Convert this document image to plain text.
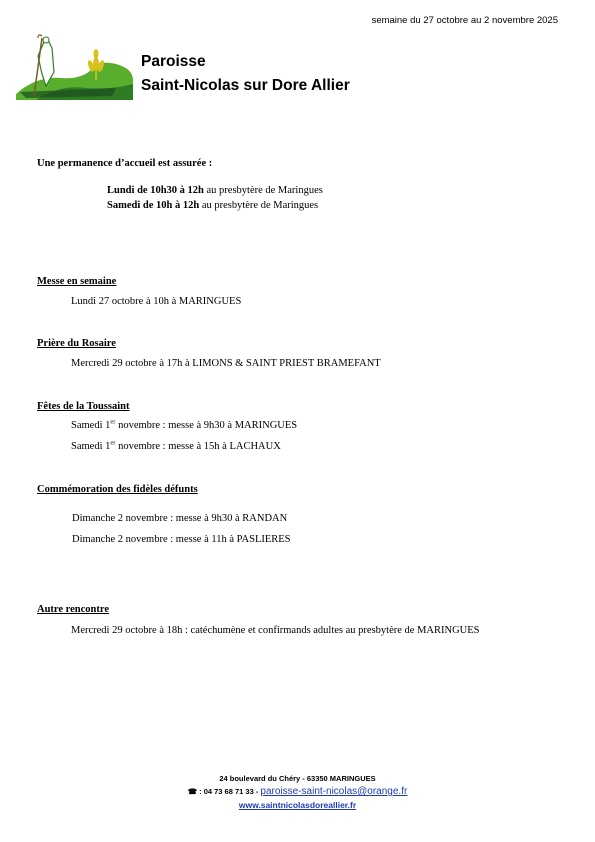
semaine du 27 octobre au 2 novembre 2025
Paroisse
Saint-Nicolas sur Dore Allier
Une permanence d’accueil est assurée :
Lundi de 10h30 à 12h au presbytère de Maringues
Samedi de 10h à 12h au presbytère de Maringues
Messe en semaine
Lundi 27 octobre à 10h à MARINGUES
Prière du Rosaire
Mercredi 29 octobre à 17h à LIMONS & SAINT PRIEST BRAMEFANT
Fêtes de la Toussaint
Samedi 1er novembre : messe à 9h30 à MARINGUES
Samedi 1er novembre : messe à 15h à LACHAUX
Commémoration des fidèles défunts
Dimanche 2 novembre : messe à 9h30 à RANDAN
Dimanche 2 novembre : messe à 11h à PASLIERES
Autre rencontre
Mercredi 29 octobre à 18h : catéchumène et confirmands adultes au presbytère de MARINGUES
24 boulevard du Chéry - 63350 MARINGUES
☎ : 04 73 68 71 33 - paroisse-saint-nicolas@orange.fr
www.saintnicolasdoreallier.fr
